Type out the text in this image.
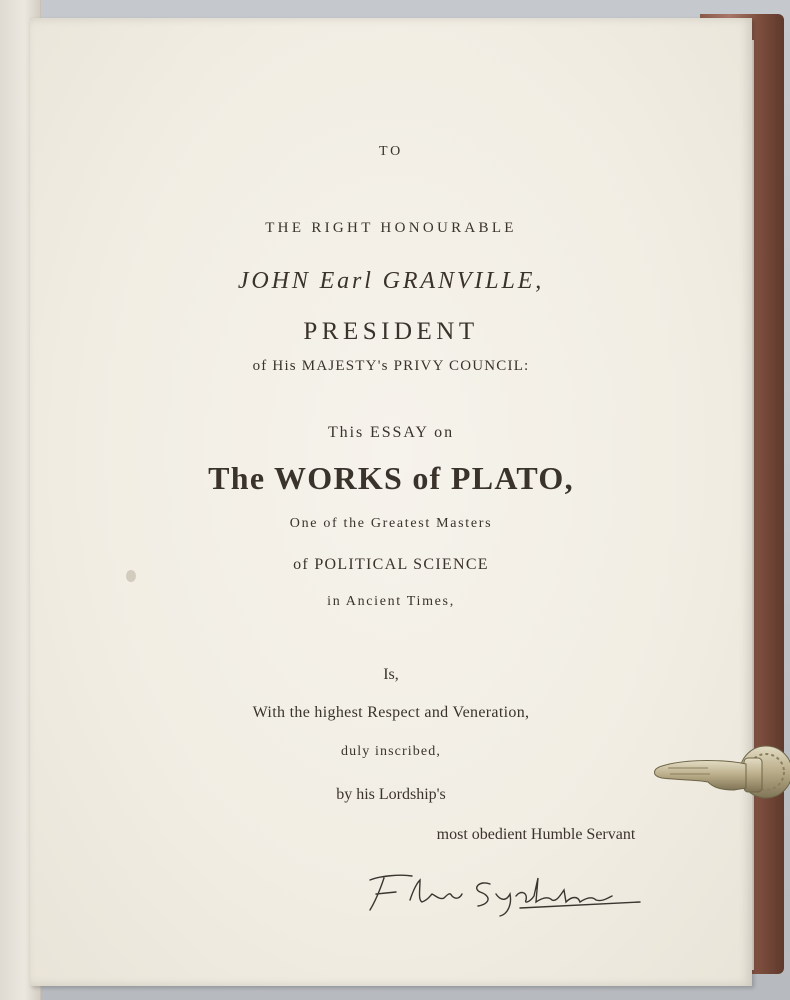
TO
THE RIGHT HONOURABLE
JOHN Earl GRANVILLE,
PRESIDENT
of His MAJESTY's PRIVY COUNCIL:
This ESSAY on
The WORKS of PLATO,
One of the Greatest Masters
of POLITICAL SCIENCE
in Ancient Times,
Is,
With the highest Respect and Veneration,
duly inscribed,
by his Lordship's
most obedient Humble Servant
